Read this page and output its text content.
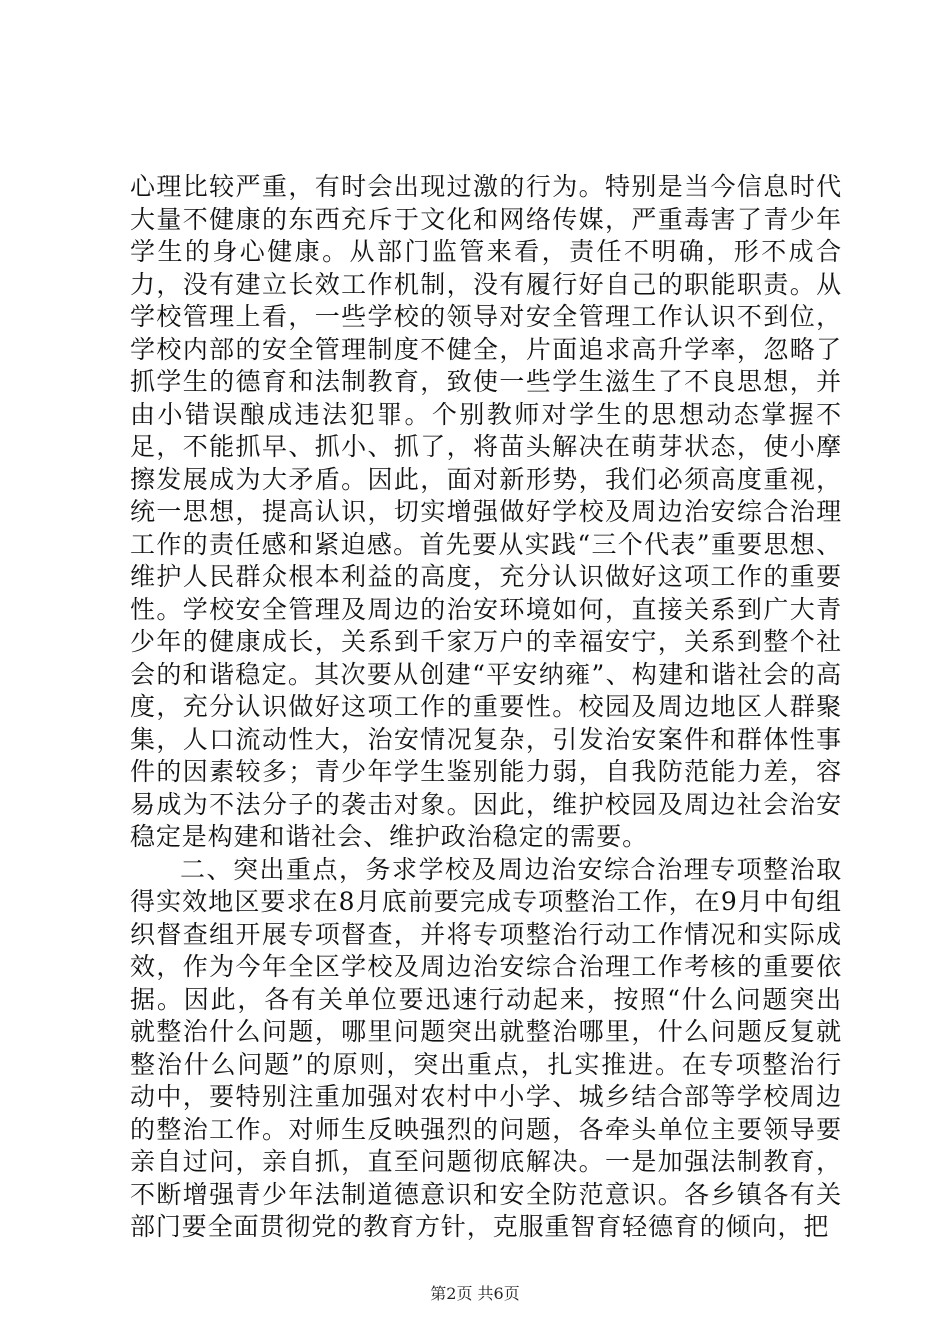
心理比较严重，有时会出现过激的行为。特别是当今信息时代大量不健康的东西充斥于文化和网络传媒，严重毒害了青少年学生的身心健康。从部门监管来看，责任不明确，形不成合力，没有建立长效工作机制，没有履行好自己的职能职责。从学校管理上看，一些学校的领导对安全管理工作认识不到位，学校内部的安全管理制度不健全，片面追求高升学率，忽略了抓学生的德育和法制教育，致使一些学生滋生了不良思想，并由小错误酿成违法犯罪。个别教师对学生的思想动态掌握不足，不能抓早、抓小、抓了，将苗头解决在萌芽状态，使小摩擦发展成为大矛盾。因此，面对新形势，我们必须高度重视，统一思想，提高认识，切实增强做好学校及周边治安综合治理工作的责任感和紧迫感。首先要从实践“三个代表”重要思想、维护人民群众根本利益的高度，充分认识做好这项工作的重要性。学校安全管理及周边的治安环境如何，直接关系到广大青少年的健康成长，关系到千家万户的幸福安宁，关系到整个社会的和谐稳定。其次要从创建“平安纳雍”、构建和谐社会的高度，充分认识做好这项工作的重要性。校园及周边地区人群聚集，人口流动性大，治安情况复杂，引发治安案件和群体性事件的因素较多；青少年学生鉴别能力弱，自我防范能力差，容易成为不法分子的袭击对象。因此，维护校园及周边社会治安稳定是构建和谐社会、维护政治稳定的需要。

二、突出重点，务求学校及周边治安综合治理专项整治取得实效地区要求在8月底前要完成专项整治工作，在9月中旬组织督查组开展专项督查，并将专项整治行动工作情况和实际成效，作为今年全区学校及周边治安综合治理工作考核的重要依据。因此，各有关单位要迅速行动起来，按照“什么问题突出就整治什么问题，哪里问题突出就整治哪里，什么问题反复就整治什么问题”的原则，突出重点，扎实推进。在专项整治行动中，要特别注重加强对农村中小学、城乡结合部等学校周边的整治工作。对师生反映强烈的问题，各牵头单位主要领导要亲自过问，亲自抓，直至问题彻底解决。一是加强法制教育，不断增强青少年法制道德意识和安全防范意识。各乡镇各有关部门要全面贯彻党的教育方针，克服重智育轻德育的倾向，把

第2页 共6页
